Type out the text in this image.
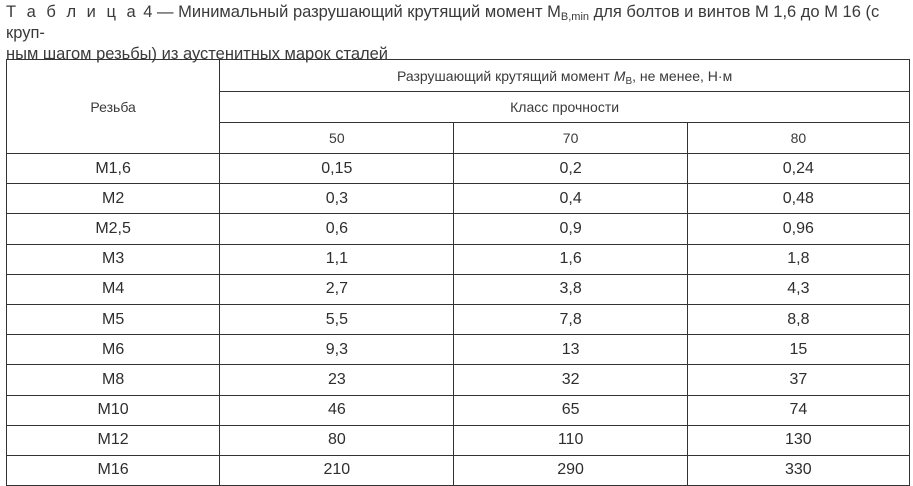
Т а б л и ц а 4 — Минимальный разрушающий крутящий момент $M_{B,min}$ для болтов и винтов M 1,6 до M 16 (с круп-
ным шагом резьбы) из аустенитных марок сталей
Резьба	Разрушающий крутящий момент $M_B$, не менее, Н·м		
	Класс прочности		
	50	70	80
M1,6	0,15	0,2	0,24
M2	0,3	0,4	0,48
M2,5	0,6	0,9	0,96
M3	1,1	1,6	1,8
M4	2,7	3,8	4,3
M5	5,5	7,8	8,8
M6	9,3	13	15
M8	23	32	37
M10	46	65	74
M12	80	110	130
M16	210	290	330
